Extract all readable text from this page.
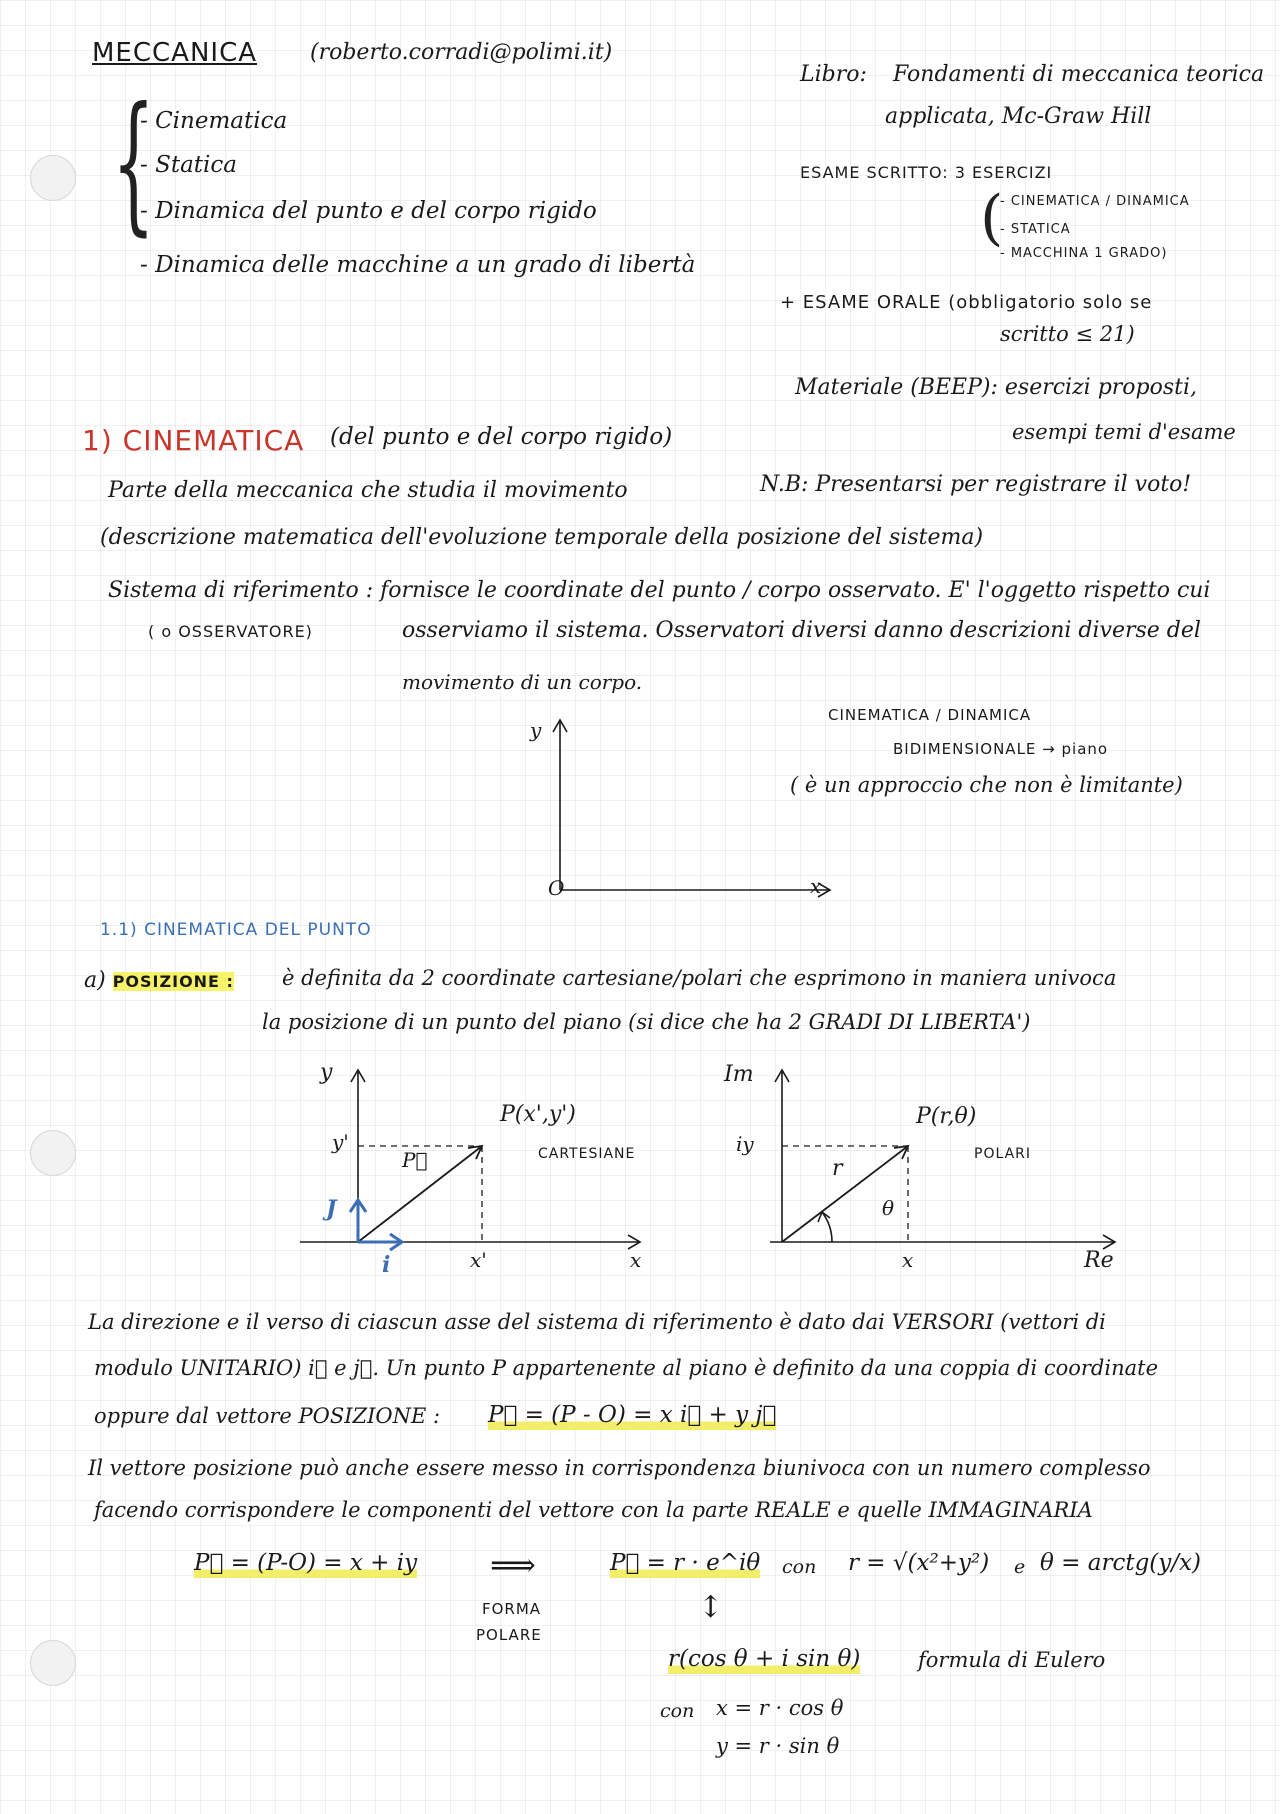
MECCANICA (roberto.corradi@polimi.it)
{
- Cinematica
- Statica
- Dinamica del punto e del corpo rigido
- Dinamica delle macchine a un grado di libertà
Libro: Fondamenti di meccanica teorica
applicata, Mc-Graw Hill
ESAME SCRITTO: 3 ESERCIZI
(
- CINEMATICA / DINAMICA
- STATICA
- MACCHINA 1 GRADO)
+ ESAME ORALE (obbligatorio solo se
scritto ≤ 21)
Materiale (BEEP): esercizi proposti,
esempi temi d'esame
N.B: Presentarsi per registrare il voto!
1) CINEMATICA (del punto e del corpo rigido)
Parte della meccanica che studia il movimento
(descrizione matematica dell'evoluzione temporale della posizione del sistema)
Sistema di riferimento : fornisce le coordinate del punto / corpo osservato. E' l'oggetto rispetto cui
( o OSSERVATORE)	osserviamo il sistema. Osservatori diversi danno descrizioni diverse del
movimento di un corpo.
CINEMATICA / DINAMICA
BIDIMENSIONALE → piano
( è un approccio che non è limitante)
y
x
O
1.1) CINEMATICA DEL PUNTO
a) POSIZIONE : è definita da 2 coordinate cartesiane/polari che esprimono in maniera univoca
la posizione di un punto del piano (si dice che ha 2 GRADI DI LIBERTA')
y
y'
P(x',y')
P⃗	CARTESIANE
J
i	x'	x
Im
iy
P(r,θ)
r
θ
POLARI
x	Re
La direzione e il verso di ciascun asse del sistema di riferimento è dato dai VERSORI (vettori di
modulo UNITARIO) i⃗ e j⃗. Un punto P appartenente al piano è definito da una coppia di coordinate
oppure dal vettore POSIZIONE : P⃗ = (P - O) = x i⃗ + y j⃗
Il vettore posizione può anche essere messo in corrispondenza biunivoca con un numero complesso
facendo corrispondere le componenti del vettore con la parte REALE e quelle IMMAGINARIA
P⃗ = (P-O) = x + iy ⟹	P⃗ = r · e^iθ con r = √(x²+y²) e θ = arctg(y/x)
FORMA
POLARE
↕
r(cos θ + i sin θ)	formula di Eulero
con x = r · cos θ
y = r · sin θ
